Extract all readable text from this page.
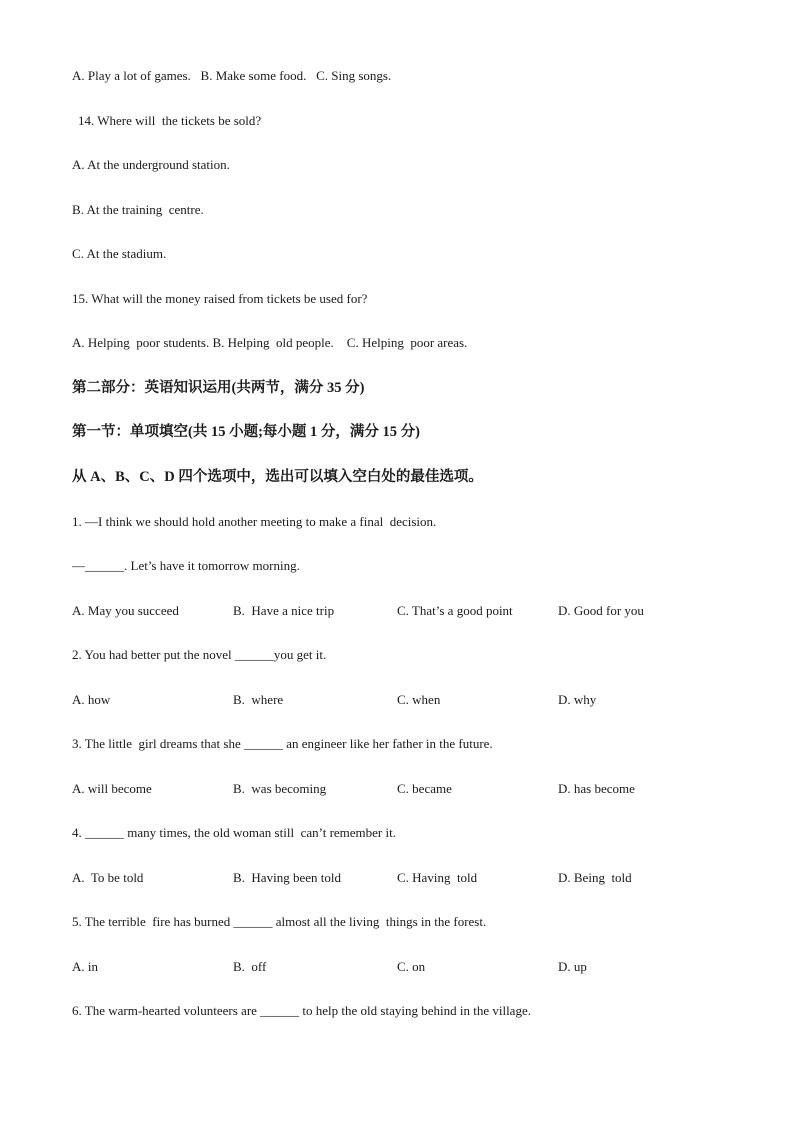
A. Play a lot of games.   B. Make some food.   C. Sing songs.
14. Where will  the tickets be sold?
A. At the underground station.
B. At the training  centre.
C. At the stadium.
15. What will the money raised from tickets be used for?
A. Helping  poor students. B. Helping  old people.    C. Helping  poor areas.
第二部分：英语知识运用(共两节，满分 35 分)
第一节：单项填空(共 15 小题;每小题 1 分，满分 15 分)
从 A、B、C、D 四个选项中，选出可以填入空白处的最佳选项。
1. —I think we should hold another meeting to make a final  decision.
—______. Let’s have it tomorrow morning.
A. May you succeed	B.  Have a nice trip	C. That’s a good point	D. Good for you
2. You had better put the novel ______you get it.
A. how	B.  where	C. when	D. why
3. The little  girl dreams that she ______ an engineer like her father in the future.
A. will become	B.  was becoming	C. became	D. has become
4. ______ many times, the old woman still  can’t remember it.
A.  To be told	B.  Having been told	C. Having  told	D. Being  told
5. The terrible  fire has burned ______ almost all the living  things in the forest.
A. in	B.  off	C. on	D. up
6. The warm-hearted volunteers are ______ to help the old staying behind in the village.
